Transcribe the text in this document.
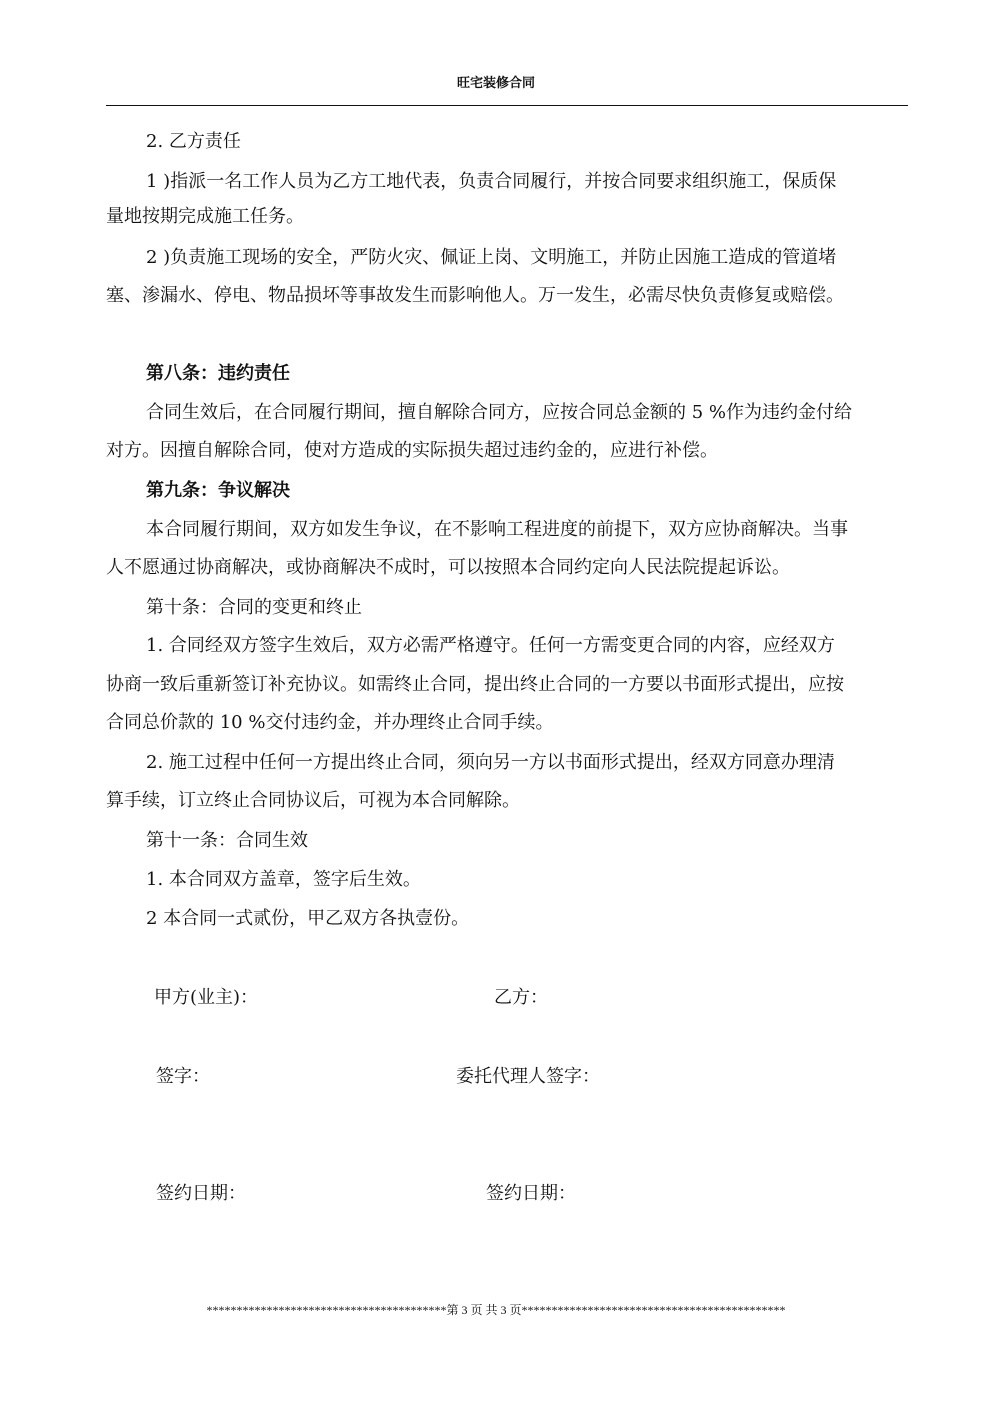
旺宅装修合同
2. 乙方责任
1 )指派一名工作人员为乙方工地代表，负责合同履行，并按合同要求组织施工，保质保
量地按期完成施工任务。
2 )负责施工现场的安全，严防火灾、佩证上岗、文明施工，并防止因施工造成的管道堵
塞、渗漏水、停电、物品损坏等事故发生而影响他人。万一发生，必需尽快负责修复或赔偿。
第八条：违约责任
合同生效后，在合同履行期间，擅自解除合同方，应按合同总金额的 5 %作为违约金付给
对方。因擅自解除合同，使对方造成的实际损失超过违约金的，应进行补偿。
第九条：争议解决
本合同履行期间，双方如发生争议，在不影响工程进度的前提下，双方应协商解决。当事
人不愿通过协商解决，或协商解决不成时，可以按照本合同约定向人民法院提起诉讼。
第十条：合同的变更和终止
1. 合同经双方签字生效后，双方必需严格遵守。任何一方需变更合同的内容，应经双方
协商一致后重新签订补充协议。如需终止合同，提出终止合同的一方要以书面形式提出，应按
合同总价款的 10 %交付违约金，并办理终止合同手续。
2. 施工过程中任何一方提出终止合同，须向另一方以书面形式提出，经双方同意办理清
算手续，订立终止合同协议后，可视为本合同解除。
第十一条：合同生效
1. 本合同双方盖章，签字后生效。
2 本合同一式贰份，甲乙双方各执壹份。
甲方(业主)：	乙方：
签字：	委托代理人签字：
签约日期：	签约日期：
****************************************第 3 页 共 3 页********************************************
